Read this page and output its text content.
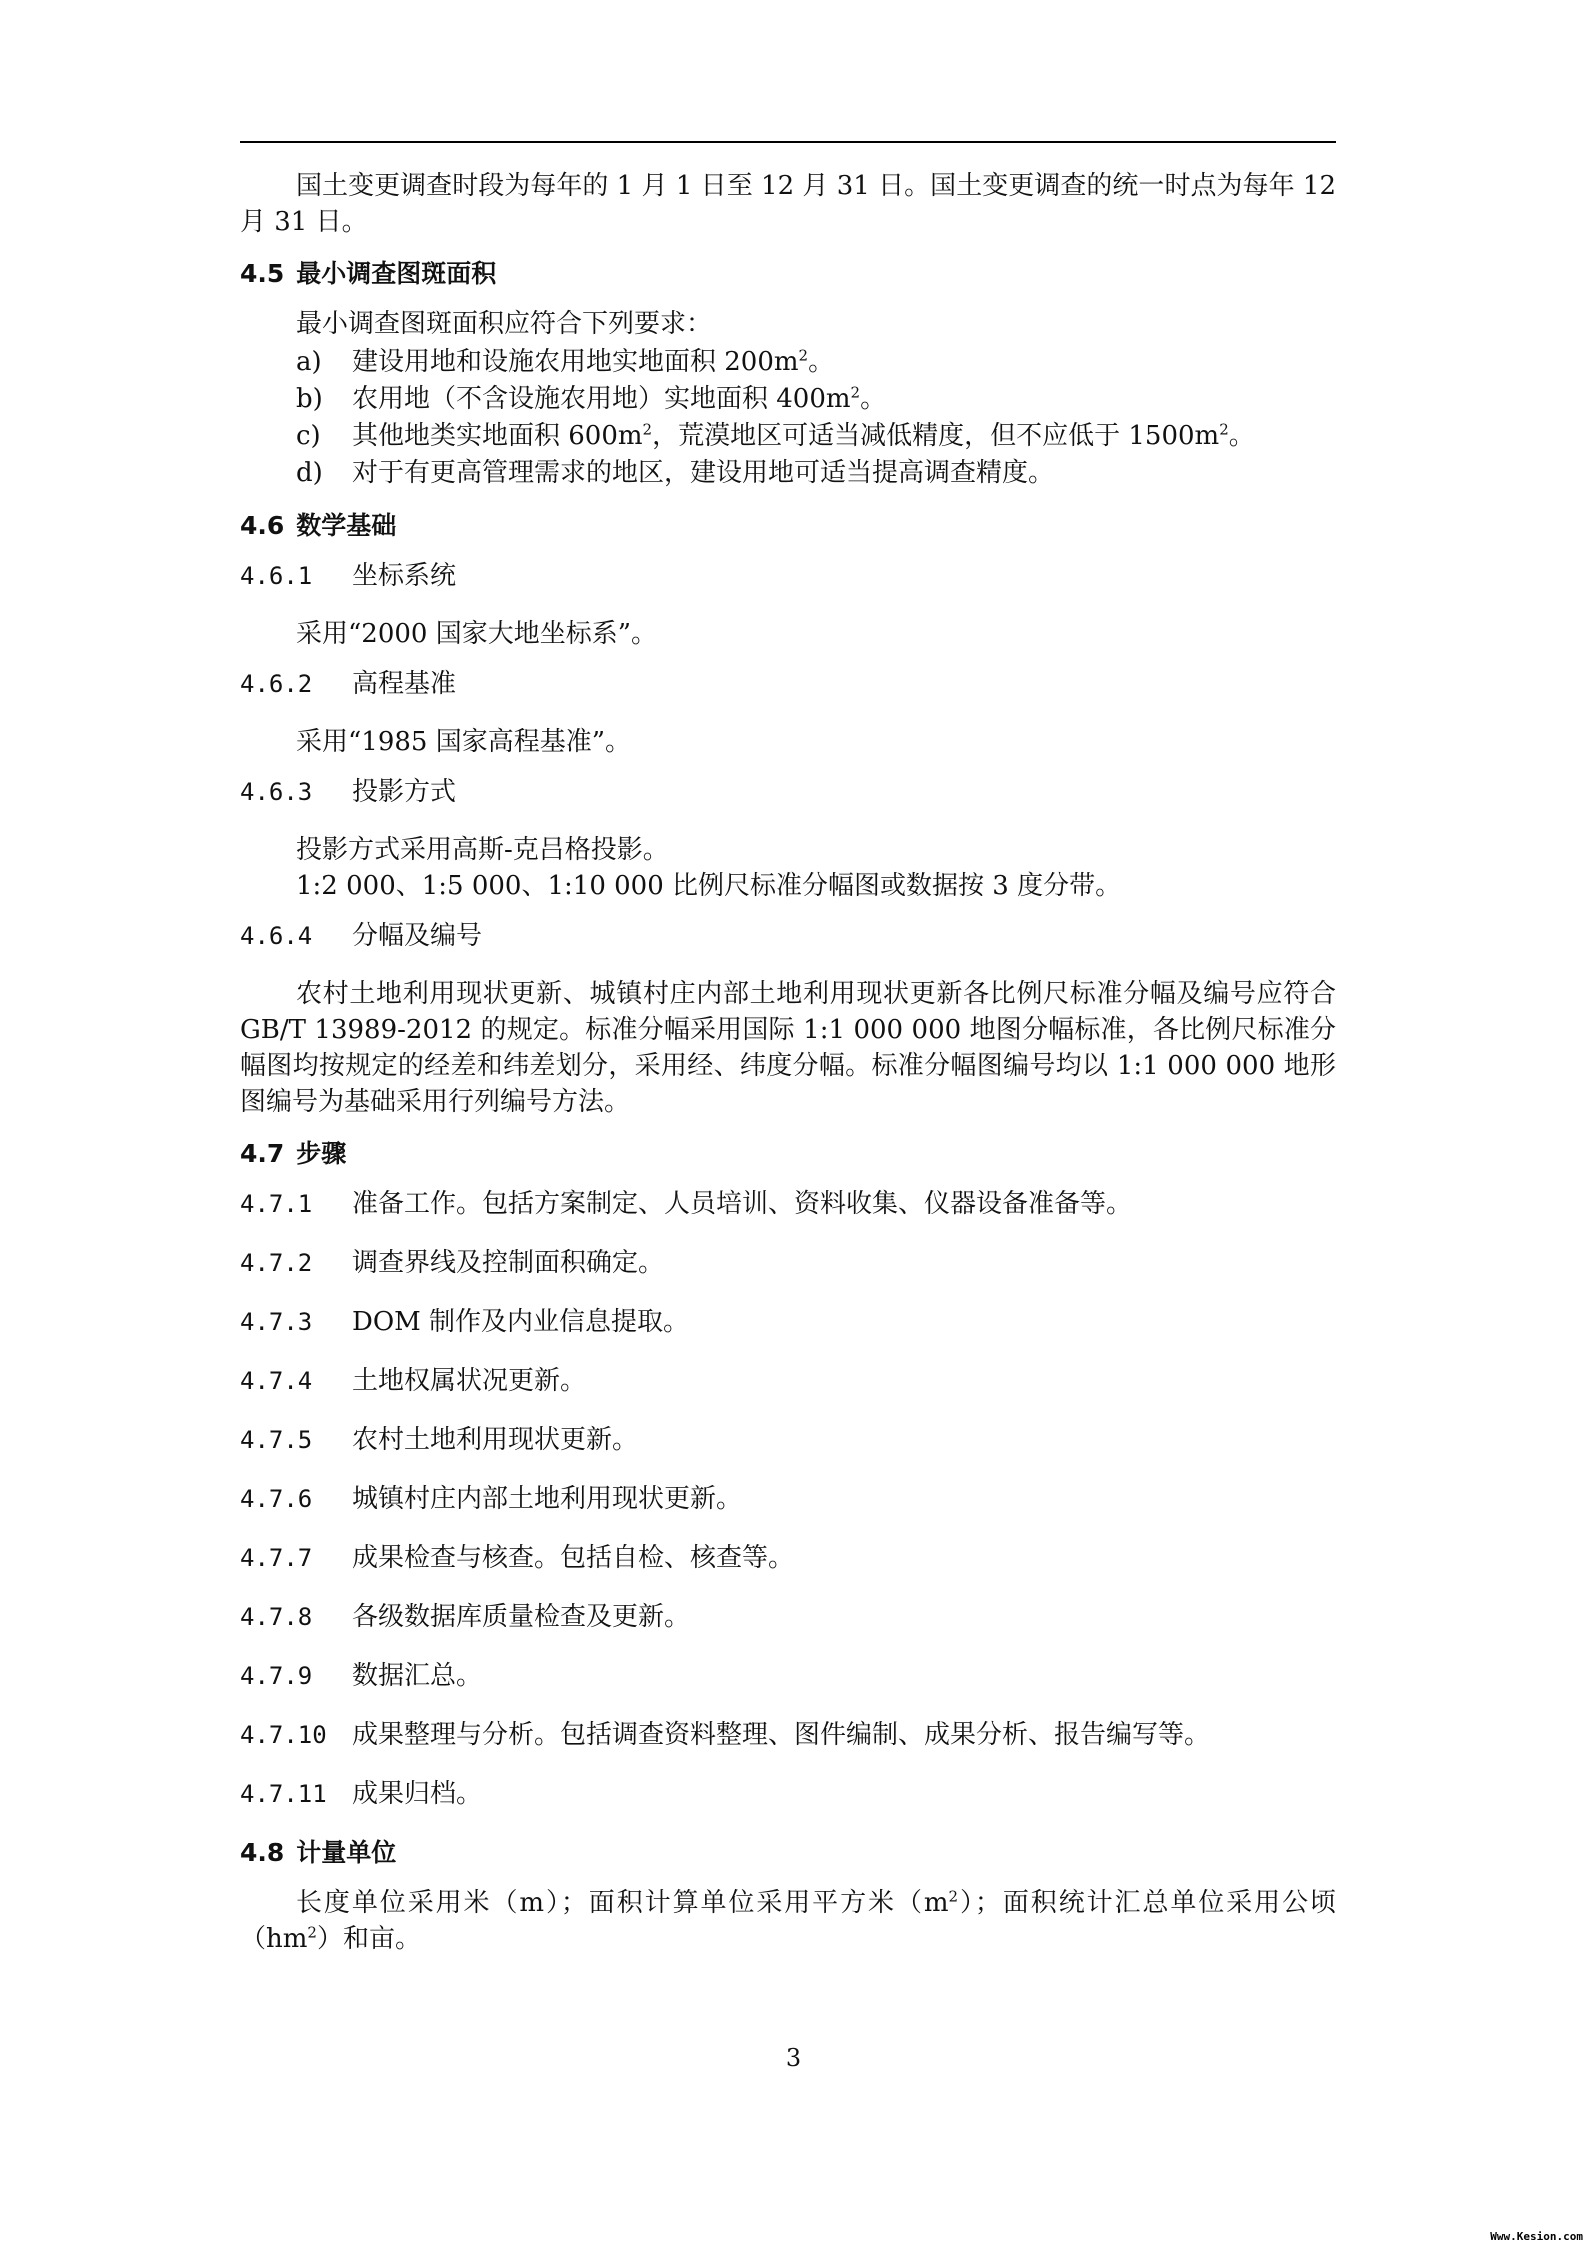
国土变更调查时段为每年的 1 月 1 日至 12 月 31 日。国土变更调查的统一时点为每年 12 月 31 日。

4.5 最小调查图斑面积

最小调查图斑面积应符合下列要求：

a)	建设用地和设施农用地实地面积 $200m^2$。
b)	农用地（不含设施农用地）实地面积 $400m^2$。
c)	其他地类实地面积 $600m^2$，荒漠地区可适当减低精度，但不应低于 $1500m^2$。
d)	对于有更高管理需求的地区，建设用地可适当提高调查精度。
4.6 数学基础
4.6.1	坐标系统

采用“2000 国家大地坐标系”。

4.6.2	高程基准

采用“1985 国家高程基准”。

4.6.3	投影方式

投影方式采用高斯-克吕格投影。

1:2 000、1:5 000、1:10 000 比例尺标准分幅图或数据按 3 度分带。

4.6.4	分幅及编号

农村土地利用现状更新、城镇村庄内部土地利用现状更新各比例尺标准分幅及编号应符合 GB/T 13989-2012 的规定。标准分幅采用国际 1:1 000 000 地图分幅标准，各比例尺标准分幅图均按规定的经差和纬差划分，采用经、纬度分幅。标准分幅图编号均以 1:1 000 000 地形图编号为基础采用行列编号方法。

4.7 步骤
4.7.1	准备工作。包括方案制定、人员培训、资料收集、仪器设备准备等。
4.7.2	调查界线及控制面积确定。
4.7.3	DOM 制作及内业信息提取。
4.7.4	土地权属状况更新。
4.7.5	农村土地利用现状更新。
4.7.6	城镇村庄内部土地利用现状更新。
4.7.7	成果检查与核查。包括自检、核查等。
4.7.8	各级数据库质量检查及更新。
4.7.9	数据汇总。
4.7.10 成果整理与分析。包括调查资料整理、图件编制、成果分析、报告编写等。
4.7.11 成果归档。
4.8 计量单位

长度单位采用米（m）；面积计算单位采用平方米$(m^2)$；面积统计汇总单位采用公顷$(hm^2)$和亩。

3
Www.Kesion.com
